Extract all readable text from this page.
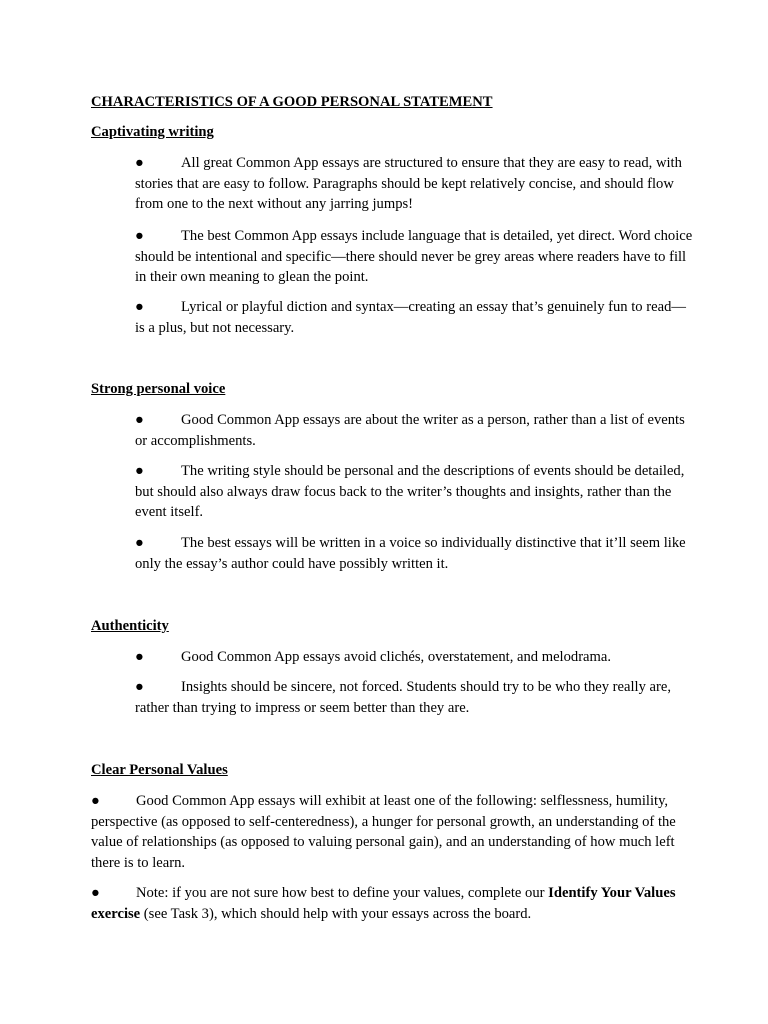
CHARACTERISTICS OF A GOOD PERSONAL STATEMENT

Captivating writing

●	All great Common App essays are structured to ensure that they are easy to read, with stories that are easy to follow. Paragraphs should be kept relatively concise, and should flow from one to the next without any jarring jumps!

●	The best Common App essays include language that is detailed, yet direct. Word choice should be intentional and specific—there should never be grey areas where readers have to fill in their own meaning to glean the point.

●	Lyrical or playful diction and syntax—creating an essay that’s genuinely fun to read—is a plus, but not necessary.

Strong personal voice

●	Good Common App essays are about the writer as a person, rather than a list of events or accomplishments.

●	The writing style should be personal and the descriptions of events should be detailed, but should also always draw focus back to the writer’s thoughts and insights, rather than the event itself.

●	The best essays will be written in a voice so individually distinctive that it’ll seem like only the essay’s author could have possibly written it.

Authenticity

●	Good Common App essays avoid clichés, overstatement, and melodrama.

●	Insights should be sincere, not forced. Students should try to be who they really are, rather than trying to impress or seem better than they are.

Clear Personal Values

● Good Common App essays will exhibit at least one of the following: selflessness, humility, perspective (as opposed to self-centeredness), a hunger for personal growth, an understanding of the value of relationships (as opposed to valuing personal gain), and an understanding of how much left there is to learn.

● Note: if you are not sure how best to define your values, complete our Identify Your Values exercise (see Task 3), which should help with your essays across the board.
